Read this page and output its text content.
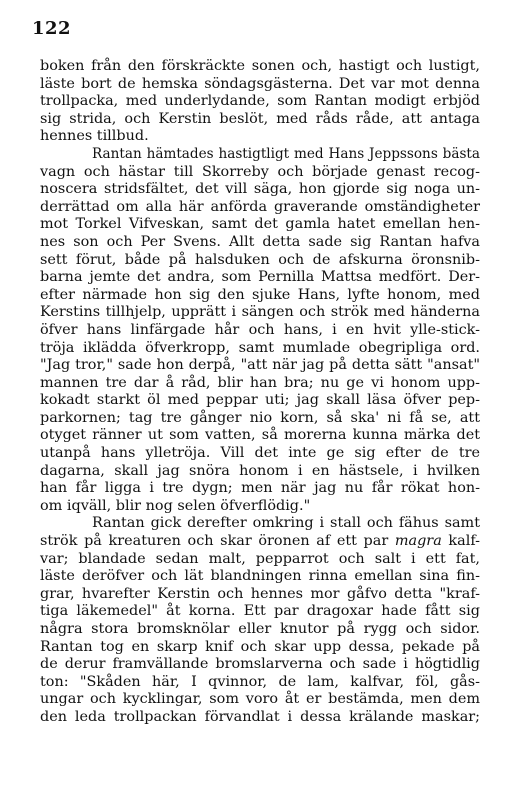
122
boken från den förskräckte sonen och, hastigt och lustigt,
läste bort de hemska söndagsgästerna. Det var mot denna
trollpacka, med underlydande, som Rantan modigt erbjöd
sig strida, och Kerstin beslöt, med råds råde, att antaga
hennes tillbud.
Rantan hämtades hastigtligt med Hans Jeppssons bästa
vagn och hästar till Skorreby och började genast recog-
noscera stridsfältet, det vill säga, hon gjorde sig noga un-
derrättad om alla här anförda graverande omständigheter
mot Torkel Vifveskan, samt det gamla hatet emellan hen-
nes son och Per Svens. Allt detta sade sig Rantan hafva
sett förut, både på halsduken och de afskurna öronsnib-
barna jemte det andra, som Pernilla Mattsa medfört. Der-
efter närmade hon sig den sjuke Hans, lyfte honom, med
Kerstins tillhjelp, upprätt i sängen och strök med händerna
öfver hans linfärgade hår och hans, i en hvit ylle-stick-
tröja iklädda öfverkropp, samt mumlade obegripliga ord.
"Jag tror," sade hon derpå, "att när jag på detta sätt "ansat"
mannen tre dar å råd, blir han bra; nu ge vi honom upp-
kokadt starkt öl med peppar uti; jag skall läsa öfver pep-
parkornen; tag tre gånger nio korn, så ska' ni få se, att
otyget ränner ut som vatten, så morerna kunna märka det
utanpå hans ylletröja. Vill det inte ge sig efter de tre
dagarna, skall jag snöra honom i en hästsele, i hvilken
han får ligga i tre dygn; men när jag nu får rökat hon-
om iqväll, blir nog selen öfverflödig."
Rantan gick derefter omkring i stall och fähus samt
strök på kreaturen och skar öronen af ett par magra kalf-
var; blandade sedan malt, pepparrot och salt i ett fat,
läste deröfver och lät blandningen rinna emellan sina fin-
grar, hvarefter Kerstin och hennes mor gåfvo detta "kraf-
tiga läkemedel" åt korna. Ett par dragoxar hade fått sig
några stora bromsknölar eller knutor på rygg och sidor.
Rantan tog en skarp knif och skar upp dessa, pekade på
de derur framvällande bromslarverna och sade i högtidlig
ton: "Skåden här, I qvinnor, de lam, kalfvar, föl, gås-
ungar och kycklingar, som voro åt er bestämda, men dem
den leda trollpackan förvandlat i dessa krälande maskar;
